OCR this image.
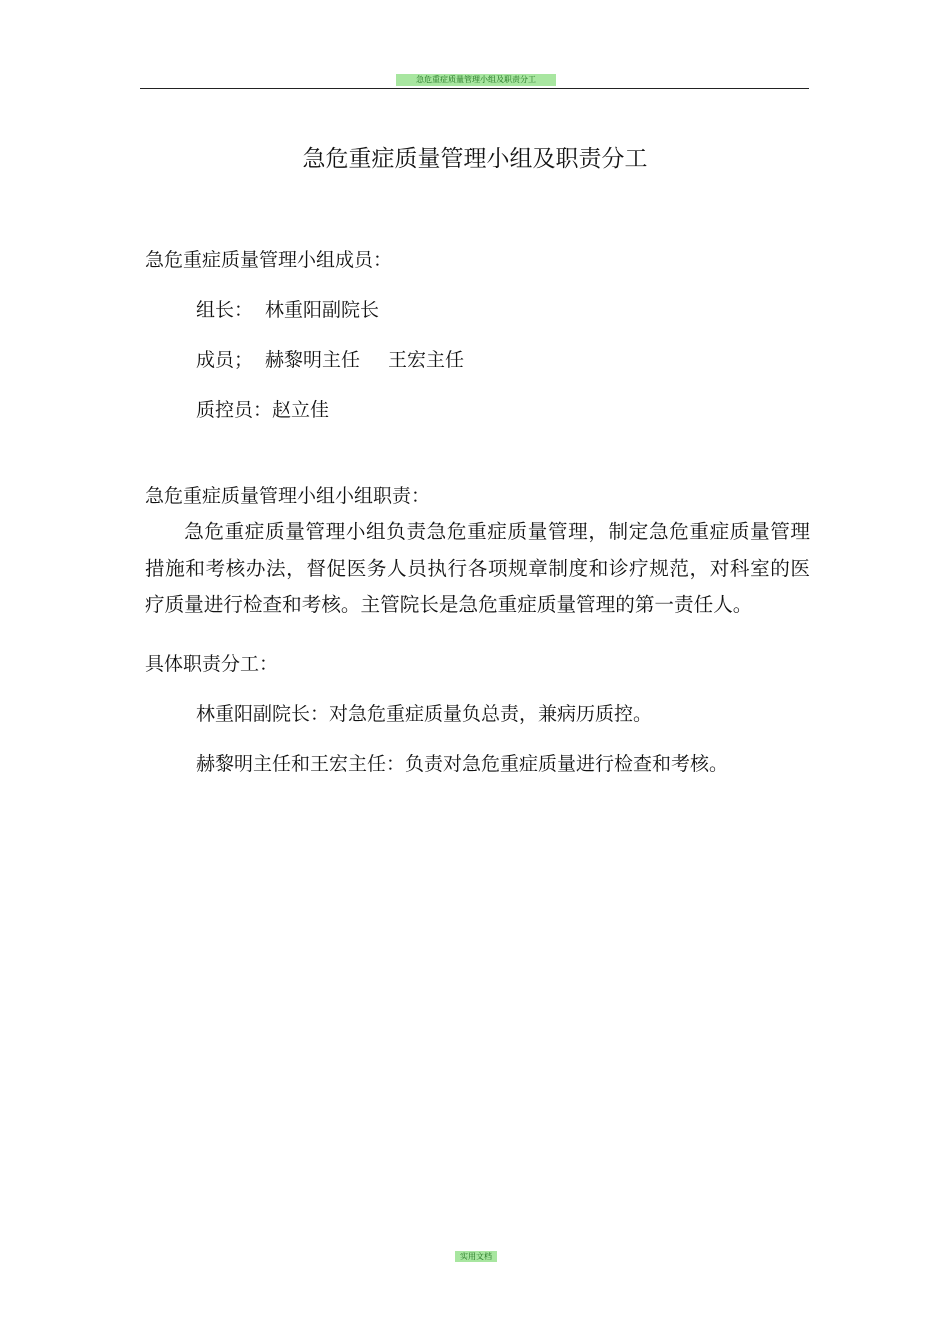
急危重症质量管理小组及职责分工
急危重症质量管理小组及职责分工
急危重症质量管理小组成员：
组长： 林重阳副院长
成员； 赫黎明主任 王宏主任
质控员：赵立佳
急危重症质量管理小组小组职责：
急危重症质量管理小组负责急危重症质量管理，制定急危重症质量管理措施和考核办法，督促医务人员执行各项规章制度和诊疗规范，对科室的医疗质量进行检查和考核。主管院长是急危重症质量管理的第一责任人。
具体职责分工：
林重阳副院长：对急危重症质量负总责，兼病历质控。
赫黎明主任和王宏主任：负责对急危重症质量进行检查和考核。
实用文档
